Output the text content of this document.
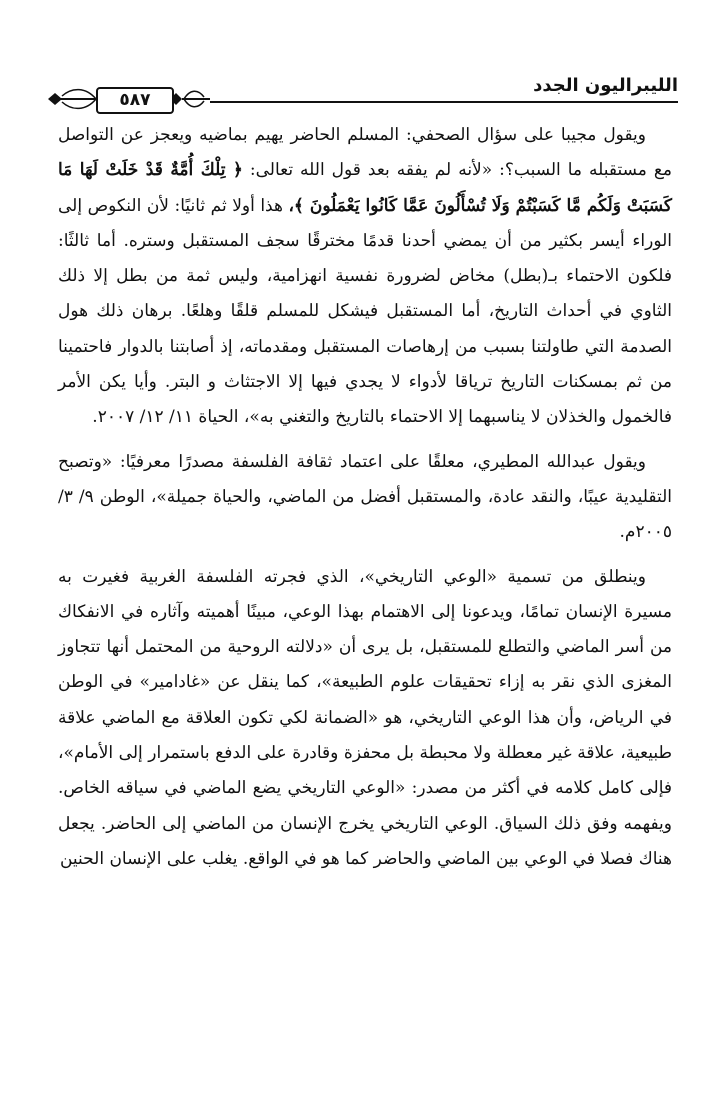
الليبراليون الجدد
٥٨٧

ويقول مجيبا على سؤال الصحفي: المسلم الحاضر يهيم بماضيه ويعجز عن التواصل مع مستقبله ما السبب؟: «لأنه لم يفقه بعد قول الله تعالى: ﴿ تِلْكَ أُمَّةٌ قَدْ خَلَتْ لَهَا مَا كَسَبَتْ وَلَكُم مَّا كَسَبْتُمْ وَلَا تُسْأَلُونَ عَمَّا كَانُوا يَعْمَلُونَ ﴾، هذا أولا ثم ثانيًا: لأن النكوص إلى الوراء أيسر بكثير من أن يمضي أحدنا قدمًا مخترقًا سجف المستقبل وستره. أما ثالثًا: فلكون الاحتماء بـ(بطل) مخاض لضرورة نفسية انهزامية، وليس ثمة من بطل إلا ذلك الثاوي في أحداث التاريخ، أما المستقبل فيشكل للمسلم قلقًا وهلعًا. برهان ذلك هول الصدمة التي طاولتنا بسبب من إرهاصات المستقبل ومقدماته، إذ أصابتنا بالدوار فاحتمينا من ثم بمسكنات التاريخ ترياقا لأدواء لا يجدي فيها إلا الاجتثاث و البتر. وأيا يكن الأمر فالخمول والخذلان لا يناسبهما إلا الاحتماء بالتاريخ والتغني به»، الحياة ١١/ ١٢/ ٢٠٠٧.

ويقول عبدالله المطيري، معلقًا على اعتماد ثقافة الفلسفة مصدرًا معرفيًا: «وتصبح التقليدية عيبًا، والنقد عادة، والمستقبل أفضل من الماضي، والحياة جميلة»، الوطن ٩/ ٣/ ٢٠٠٥م.

وينطلق من تسمية «الوعي التاريخي»، الذي فجرته الفلسفة الغربية فغيرت به مسيرة الإنسان تمامًا، ويدعونا إلى الاهتمام بهذا الوعي، مبينًا أهميته وآثاره في الانفكاك من أسر الماضي والتطلع للمستقبل، بل يرى أن «دلالته الروحية من المحتمل أنها تتجاوز المغزى الذي نقر به إزاء تحقيقات علوم الطبيعة»، كما ينقل عن «غادامير» في الوطن في الرياض، وأن هذا الوعي التاريخي، هو «الضمانة لكي تكون العلاقة مع الماضي علاقة طبيعية، علاقة غير معطلة ولا محبطة بل محفزة وقادرة على الدفع باستمرار إلى الأمام»، فإلى كامل كلامه في أكثر من مصدر: «الوعي التاريخي يضع الماضي في سياقه الخاص. ويفهمه وفق ذلك السياق. الوعي التاريخي يخرج الإنسان من الماضي إلى الحاضر. يجعل هناك فصلا في الوعي بين الماضي والحاضر كما هو في الواقع. يغلب على الإنسان الحنين
